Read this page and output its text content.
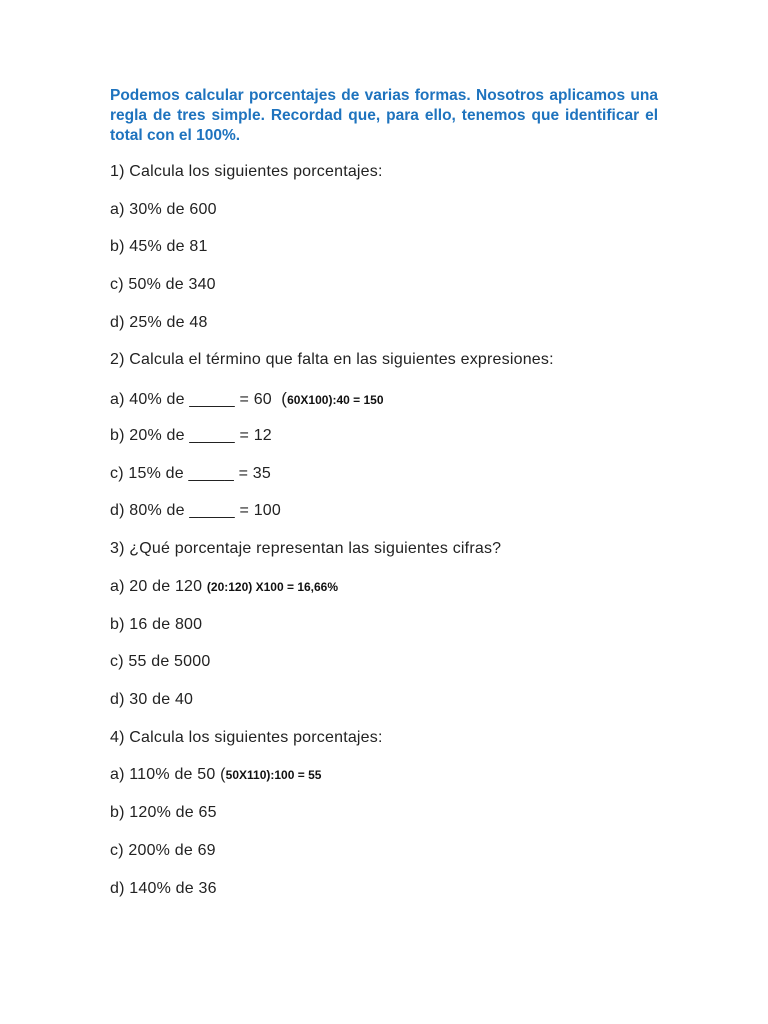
Podemos calcular porcentajes de varias formas. Nosotros aplicamos una regla de tres simple. Recordad que, para ello, tenemos que identificar el total con el 100%.

1) Calcula los siguientes porcentajes:

a) 30% de 600

b) 45% de 81

c) 50% de 340

d) 25% de 48

2) Calcula el término que falta en las siguientes expresiones:

a) 40% de _____ = 60 (60X100):40 = 150

b) 20% de _____ = 12

c) 15% de _____ = 35

d) 80% de _____ = 100

3) ¿Qué porcentaje representan las siguientes cifras?

a) 20 de 120 (20:120) X100 = 16,66%

b) 16 de 800

c) 55 de 5000

d) 30 de 40

4) Calcula los siguientes porcentajes:

a) 110% de 50 (50X110):100 = 55

b) 120% de 65

c) 200% de 69

d) 140% de 36
